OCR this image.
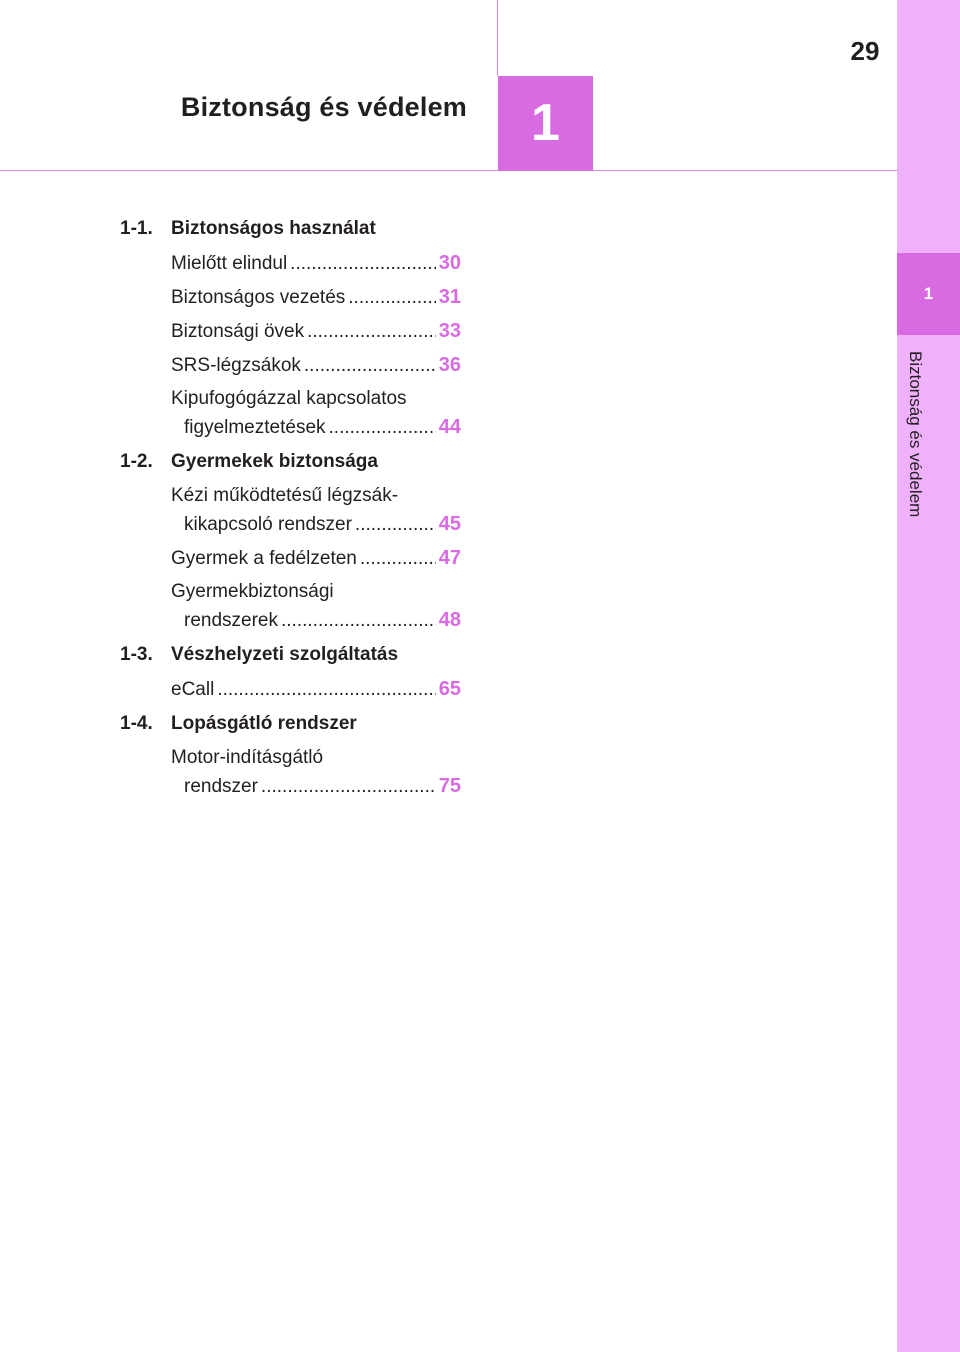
Biztonság és védelem	1
29
1
Biztonság és védelem
1-1. Biztonságos használat
Mielőtt elindul .....	30
Biztonságos vezetés .....	31
Biztonsági övek .....	33
SRS-légzsákok .....	36
Kipufogógázzal kapcsolatos
figyelmeztetések .....	44
1-2. Gyermekek biztonsága
Kézi működtetésű légzsák-
kikapcsoló rendszer .....	45
Gyermek a fedélzeten .....	47
Gyermekbiztonsági
rendszerek .....	48
1-3. Vészhelyzeti szolgáltatás
eCall .....	65
1-4. Lopásgátló rendszer
Motor-indításgátló
rendszer .....	75
